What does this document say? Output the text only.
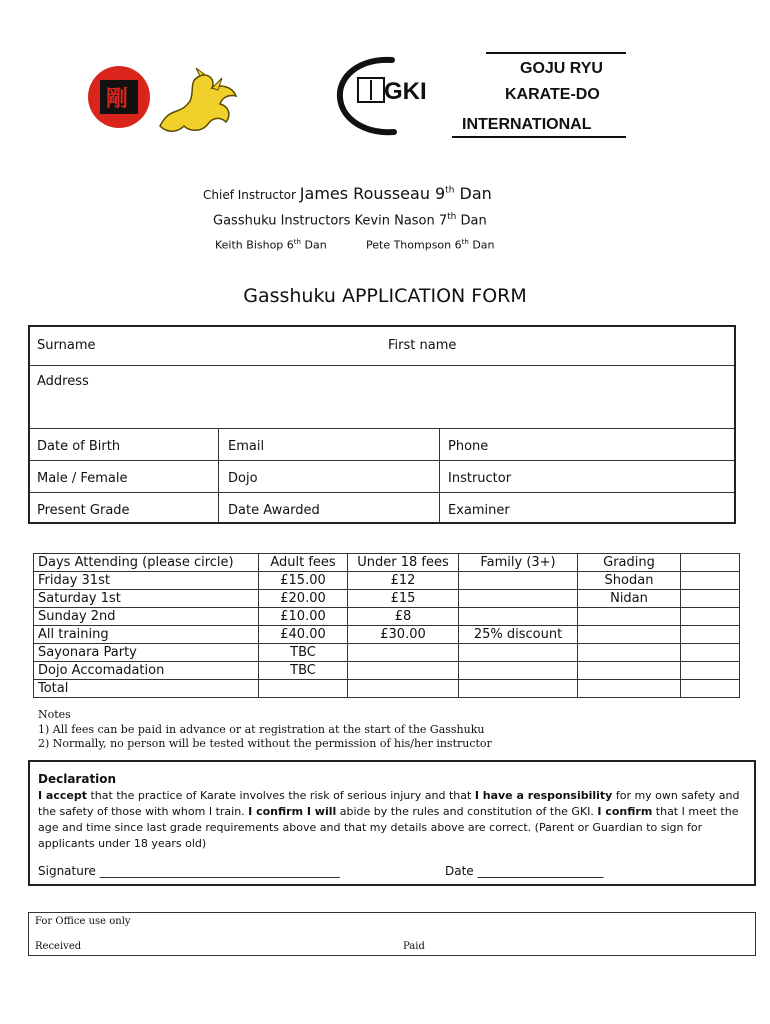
剛	GKI
GOJU RYU
KARATE-DO
INTERNATIONAL
Chief Instructor James Rousseau 9th Dan
Gasshuku Instructors Kevin Nason 7th Dan
Keith Bishop 6th Dan	Pete Thompson 6th Dan
Gasshuku APPLICATION FORM
Surname	First name
Address
Date of Birth	Email	Phone
Male / Female	Dojo	Instructor
Present Grade	Date Awarded	Examiner
Days Attending (please circle)	Adult fees	Under 18 fees	Family (3+)	Grading	
Friday 31st	£15.00	£12		Shodan	
Saturday 1st	£20.00	£15		Nidan	
Sunday 2nd	£10.00	£8			
All training	£40.00	£30.00	25% discount		
Sayonara Party	TBC				
Dojo Accomadation	TBC				
Total					
Notes
1) All fees can be paid in advance or at registration at the start of the Gasshuku
2) Normally, no person will be tested without the permission of his/her instructor
Declaration
I accept that the practice of Karate involves the risk of serious injury and that I have a responsibility for my own safety and the safety of those with whom I train. I confirm I will abide by the rules and constitution of the GKI. I confirm that I meet the age and time since last grade requirements above and that my details above are correct. (Parent or Guardian to sign for applicants under 18 years old)
Signature ________________________________________	Date _____________________
For Office use only
Received	Paid
